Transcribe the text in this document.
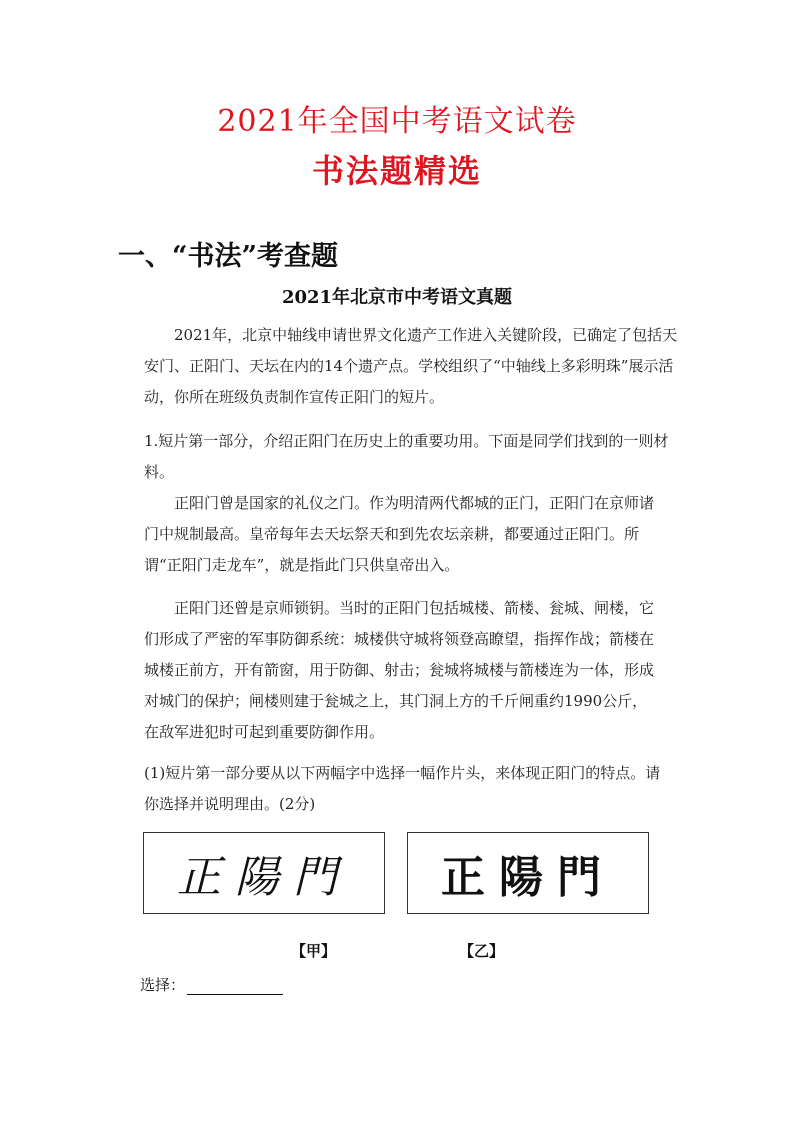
2021年全国中考语文试卷
书法题精选
一、“书法”考查题
2021年北京市中考语文真题

2021年，北京中轴线申请世界文化遗产工作进入关键阶段，已确定了包括天安门、正阳门、天坛在内的14个遗产点。学校组织了“中轴线上多彩明珠”展示活动，你所在班级负责制作宣传正阳门的短片。

1.短片第一部分，介绍正阳门在历史上的重要功用。下面是同学们找到的一则材料。

正阳门曾是国家的礼仪之门。作为明清两代都城的正门，正阳门在京师诸门中规制最高。皇帝每年去天坛祭天和到先农坛亲耕，都要通过正阳门。所谓“正阳门走龙车”，就是指此门只供皇帝出入。

正阳门还曾是京师锁钥。当时的正阳门包括城楼、箭楼、瓮城、闸楼，它们形成了严密的军事防御系统：城楼供守城将领登高瞭望，指挥作战；箭楼在城楼正前方，开有箭窗，用于防御、射击；瓮城将城楼与箭楼连为一体，形成对城门的保护；闸楼则建于瓮城之上，其门洞上方的千斤闸重约1990公斤，在敌军进犯时可起到重要防御作用。

(1)短片第一部分要从以下两幅字中选择一幅作片头，来体现正阳门的特点。请你选择并说明理由。(2分)

正陽門 正陽門
【甲】	【乙】
选择：
